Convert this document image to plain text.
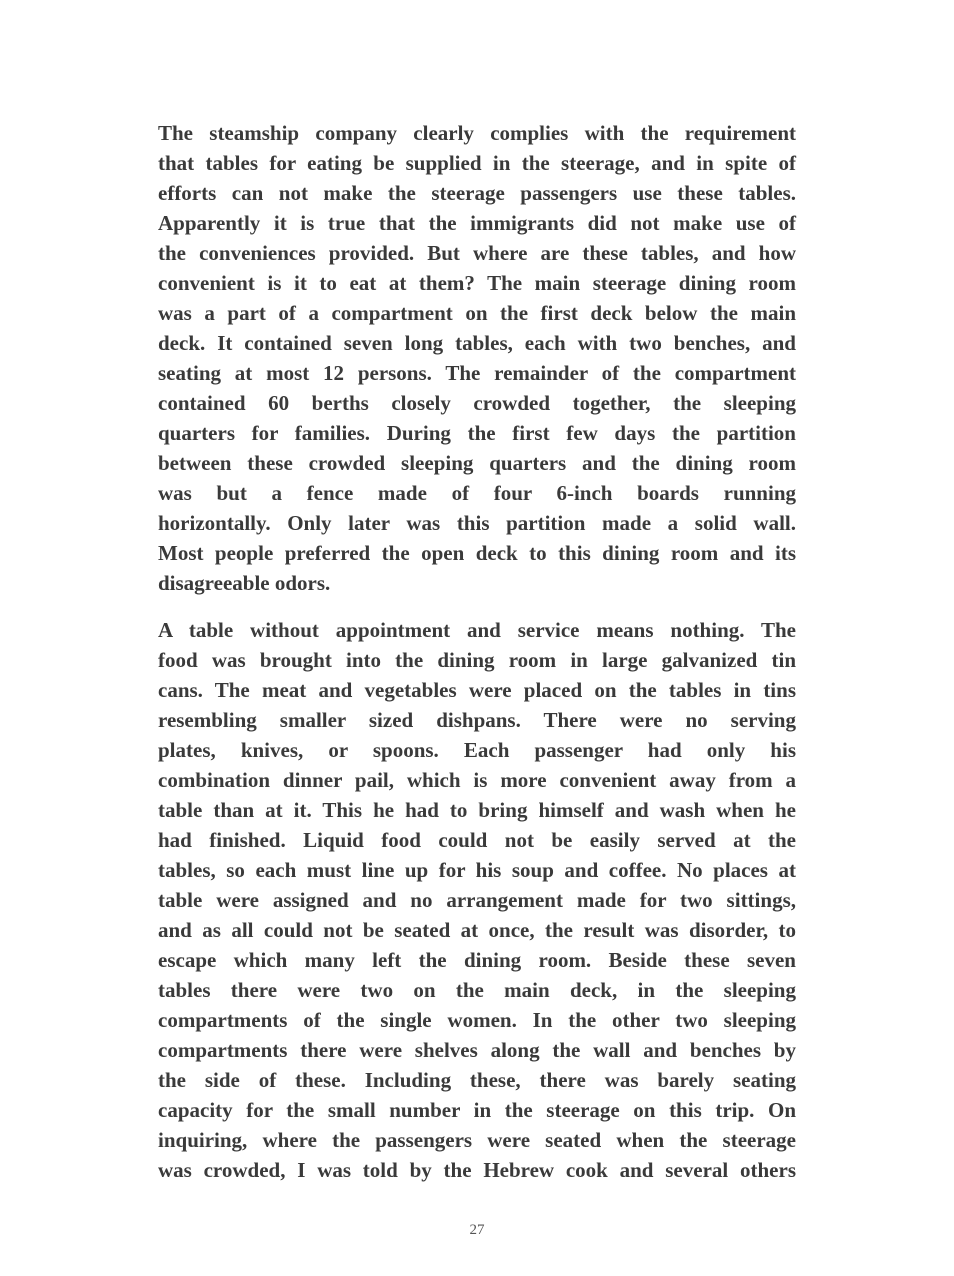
The steamship company clearly complies with the requirement
that tables for eating be supplied in the steerage, and in spite of
efforts can not make the steerage passengers use these tables.
Apparently it is true that the immigrants did not make use of
the conveniences provided. But where are these tables, and how
convenient is it to eat at them? The main steerage dining room
was a part of a compartment on the first deck below the main
deck. It contained seven long tables, each with two benches, and
seating at most 12 persons. The remainder of the compartment
contained 60 berths closely crowded together, the sleeping
quarters for families. During the first few days the partition
between these crowded sleeping quarters and the dining room
was but a fence made of four 6-inch boards running
horizontally. Only later was this partition made a solid wall.
Most people preferred the open deck to this dining room and its
disagreeable odors.
A table without appointment and service means nothing. The
food was brought into the dining room in large galvanized tin
cans. The meat and vegetables were placed on the tables in tins
resembling smaller sized dishpans. There were no serving
plates, knives, or spoons. Each passenger had only his
combination dinner pail, which is more convenient away from a
table than at it. This he had to bring himself and wash when he
had finished. Liquid food could not be easily served at the
tables, so each must line up for his soup and coffee. No places at
table were assigned and no arrangement made for two sittings,
and as all could not be seated at once, the result was disorder, to
escape which many left the dining room. Beside these seven
tables there were two on the main deck, in the sleeping
compartments of the single women. In the other two sleeping
compartments there were shelves along the wall and benches by
the side of these. Including these, there was barely seating
capacity for the small number in the steerage on this trip. On
inquiring, where the passengers were seated when the steerage
was crowded, I was told by the Hebrew cook and several others
27
